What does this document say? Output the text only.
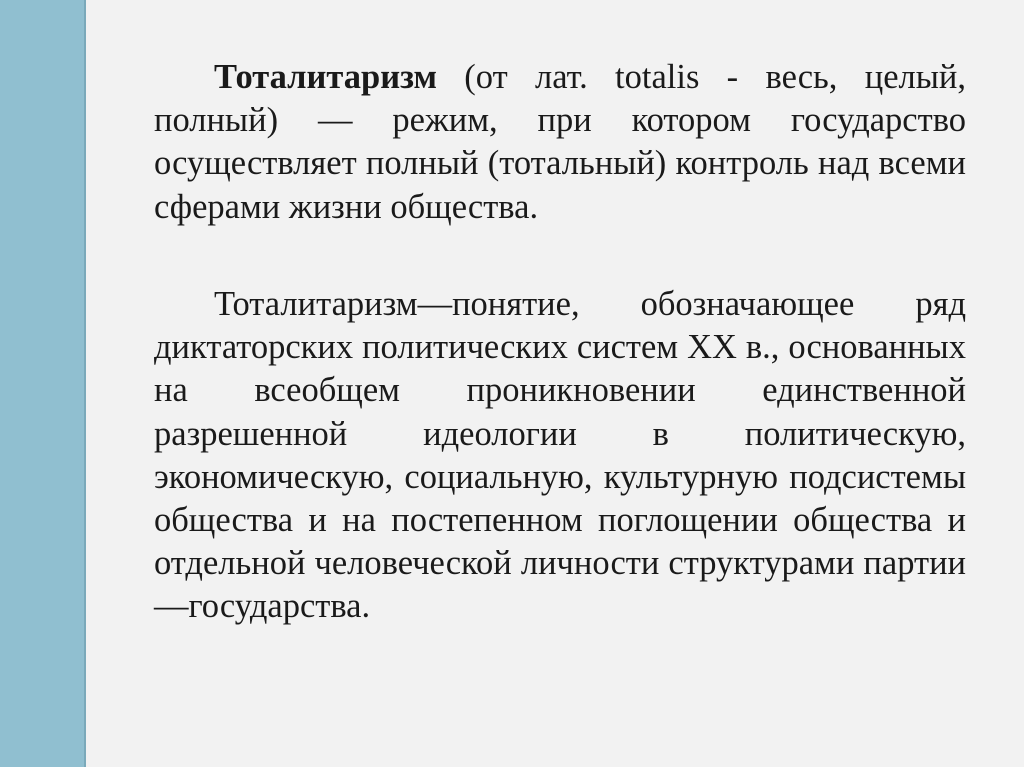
Тоталитаризм (от лат. totalis - весь, целый, полный) — режим, при котором государство осуществляет полный (тотальный) контроль над всеми сферами жизни общества.

Тоталитаризм—понятие, обозначающее ряд диктаторских политических систем XX в., основанных на всеобщем проникновении единственной разрешенной идеологии в политическую, экономическую, социальную, культурную подсистемы общества и на постепенном поглощении общества и отдельной человеческой личности структурами партии—государства.
